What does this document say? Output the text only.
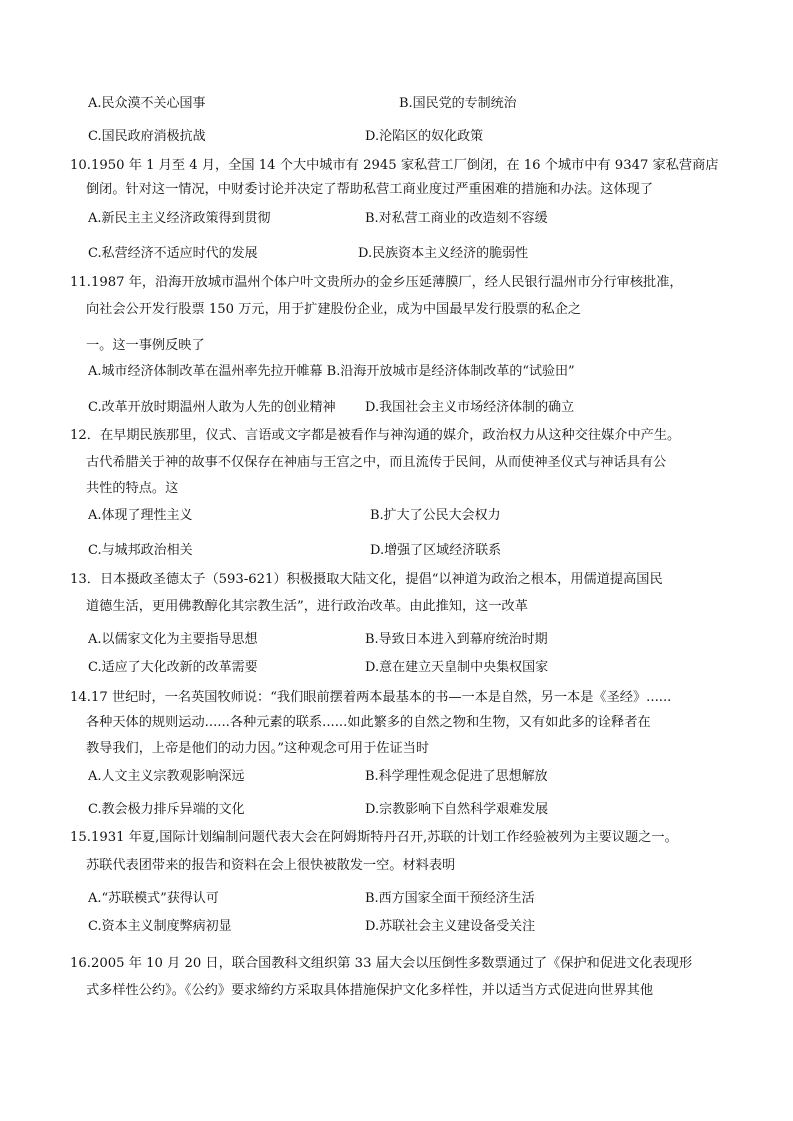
A.民众漠不关心国事	B.国民党的专制统治
C.国民政府消极抗战	D.沦陷区的奴化政策
10.1950 年 1 月至 4 月，全国 14 个大中城市有 2945 家私营工厂倒闭，在 16 个城市中有 9347 家私营商店
倒闭。针对这一情况，中财委讨论并决定了帮助私营工商业度过严重困难的措施和办法。这体现了
A.新民主主义经济政策得到贯彻	B.对私营工商业的改造刻不容缓
C.私营经济不适应时代的发展	D.民族资本主义经济的脆弱性
11.1987 年，沿海开放城市温州个体户叶文贵所办的金乡压延薄膜厂，经人民银行温州市分行审核批准，
向社会公开发行股票 150 万元，用于扩建股份企业，成为中国最早发行股票的私企之
一。这一事例反映了
A.城市经济体制改革在温州率先拉开帷幕 B.沿海开放城市是经济体制改革的“试验田”
C.改革开放时期温州人敢为人先的创业精神 D.我国社会主义市场经济体制的确立
12．在早期民族那里，仪式、言语或文字都是被看作与神沟通的媒介，政治权力从这种交往媒介中产生。
古代希腊关于神的故事不仅保存在神庙与王宫之中，而且流传于民间，从而使神圣仪式与神话具有公
共性的特点。这
A.体现了理性主义	B.扩大了公民大会权力
C.与城邦政治相关	D.增强了区域经济联系
13．日本摄政圣德太子（593-621）积极摄取大陆文化，提倡“以神道为政治之根本，用儒道提高国民
道德生活，更用佛教醇化其宗教生活”，进行政治改革。由此推知，这一改革
A.以儒家文化为主要指导思想	B.导致日本进入到幕府统治时期
C.适应了大化改新的改革需要	D.意在建立天皇制中央集权国家
14.17 世纪时，一名英国牧师说：“我们眼前摆着两本最基本的书—一本是自然，另一本是《圣经》......
各种天体的规则运动......各种元素的联系......如此繁多的自然之物和生物，又有如此多的诠释者在
教导我们，上帝是他们的动力因。”这种观念可用于佐证当时
A.人文主义宗教观影响深远	B.科学理性观念促进了思想解放
C.教会极力排斥异端的文化	D.宗教影响下自然科学艰难发展
15.1931 年夏,国际计划编制问题代表大会在阿姆斯特丹召开,苏联的计划工作经验被列为主要议题之一。
苏联代表团带来的报告和资料在会上很快被散发一空。材料表明
A.“苏联模式”获得认可	B.西方国家全面干预经济生活
C.资本主义制度弊病初显	D.苏联社会主义建设备受关注
16.2005 年 10 月 20 日，联合国教科文组织第 33 届大会以压倒性多数票通过了《保护和促进文化表现形
式多样性公约》。《公约》要求缔约方采取具体措施保护文化多样性，并以适当方式促进向世界其他
